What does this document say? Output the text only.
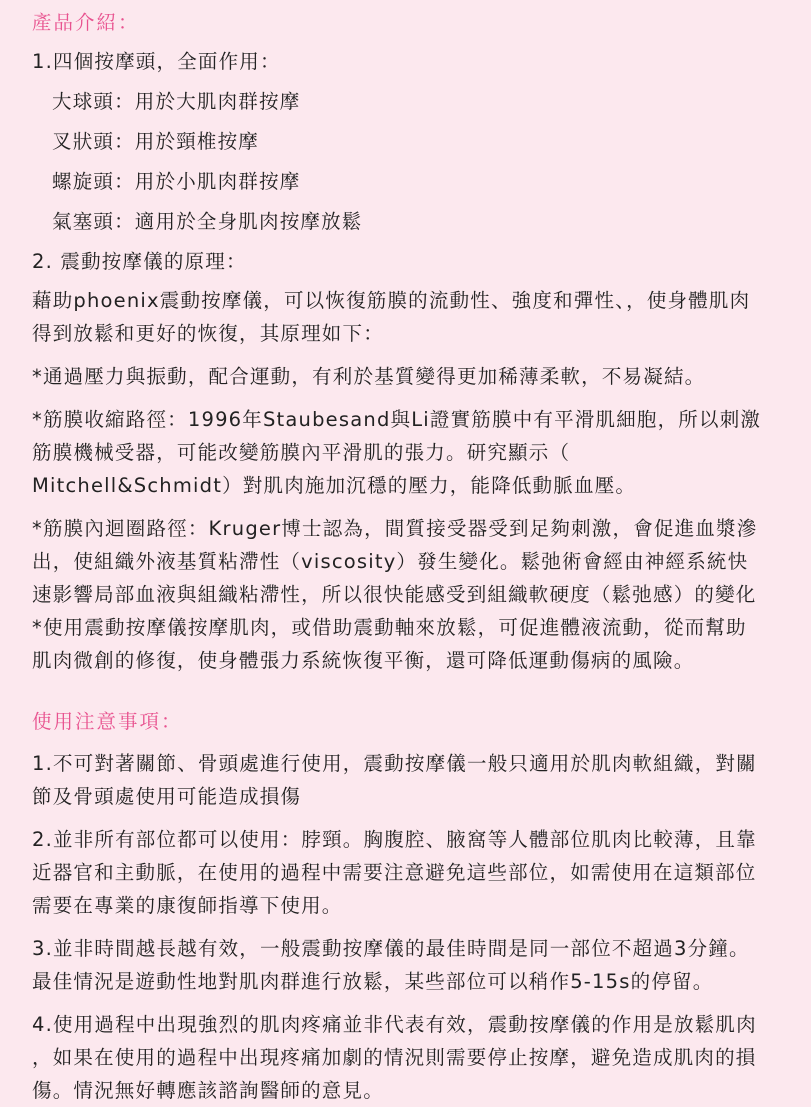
產品介紹：

1.四個按摩頭，全面作用：

大球頭：用於大肌肉群按摩

叉狀頭：用於頸椎按摩

螺旋頭：用於小肌肉群按摩

氣塞頭：適用於全身肌肉按摩放鬆

2. 震動按摩儀的原理：

藉助phoenix震動按摩儀，可以恢復筋膜的流動性、強度和彈性、，使身體肌肉
得到放鬆和更好的恢復，其原理如下：
*通過壓力與振動，配合運動，有利於基質變得更加稀薄柔軟，不易凝結。
*筋膜收縮路徑：1996年Staubesand與Li證實筋膜中有平滑肌細胞，所以刺激
筋膜機械受器，可能改變筋膜內平滑肌的張力。研究顯示（
Mitchell&Schmidt）對肌肉施加沉穩的壓力，能降低動脈血壓。
*筋膜內迴圈路徑：Kruger博士認為，間質接受器受到足夠刺激，會促進血漿滲
出，使組織外液基質粘滯性（viscosity）發生變化。鬆弛術會經由神經系統快
速影響局部血液與組織粘滯性，所以很快能感受到組織軟硬度（鬆弛感）的變化
*使用震動按摩儀按摩肌肉，或借助震動軸來放鬆，可促進體液流動，從而幫助
肌肉微創的修復，使身體張力系統恢復平衡，還可降低運動傷病的風險。
使用注意事項：
1.不可對著關節、骨頭處進行使用，震動按摩儀一般只適用於肌肉軟組織，對關
節及骨頭處使用可能造成損傷
2.並非所有部位都可以使用：脖頸。胸腹腔、腋窩等人體部位肌肉比較薄，且靠
近器官和主動脈，在使用的過程中需要注意避免這些部位，如需使用在這類部位
需要在專業的康復師指導下使用。
3.並非時間越長越有效，一般震動按摩儀的最佳時間是同一部位不超過3分鐘。
最佳情況是遊動性地對肌肉群進行放鬆，某些部位可以稍作5-15s的停留。
4.使用過程中出現強烈的肌肉疼痛並非代表有效，震動按摩儀的作用是放鬆肌肉
，如果在使用的過程中出現疼痛加劇的情況則需要停止按摩，避免造成肌肉的損
傷。情況無好轉應該諮詢醫師的意見。
